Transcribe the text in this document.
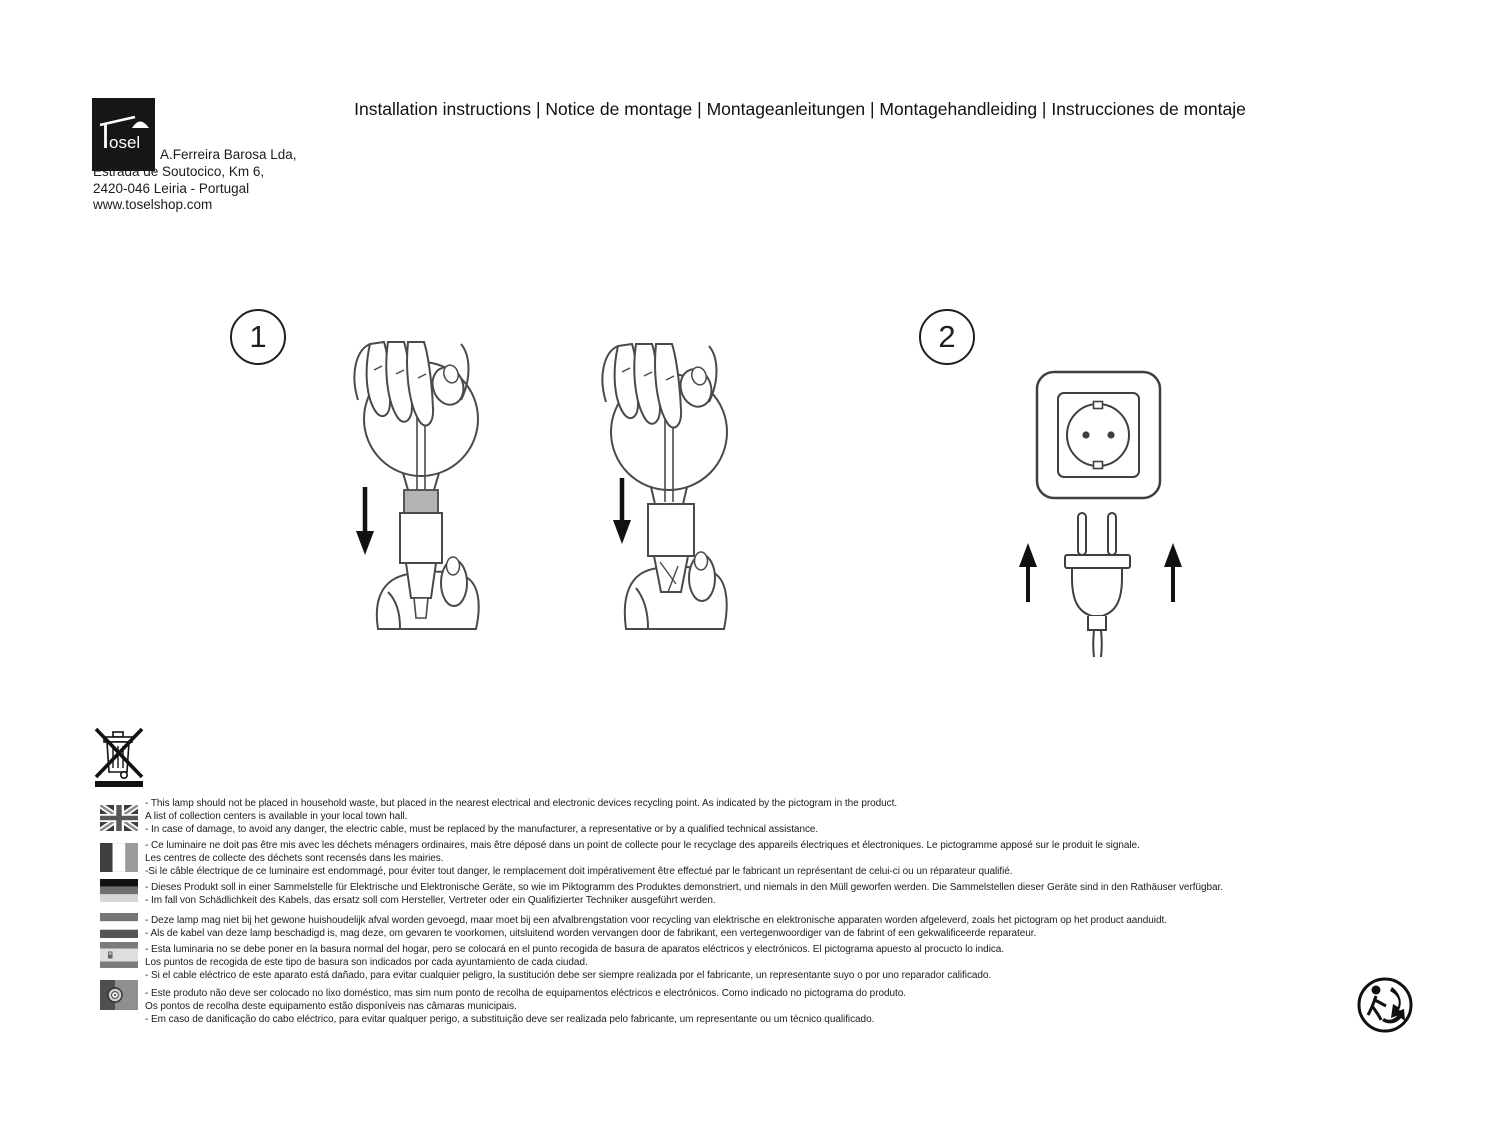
Installation instructions | Notice de montage | Montageanleitungen | Montagehandleiding | Instrucciones de montaje
osel
A.Ferreira Barosa Lda,
Estrada de Soutocico, Km 6,
2420-046 Leiria - Portugal
www.toselshop.com
1	2
- This lamp should not be placed in household waste, but placed in the nearest electrical and electronic devices recycling point. As indicated by the pictogram in the product.
A list of collection centers is available in your local town hall.
- In case of damage, to avoid any danger, the electric cable, must be replaced by the manufacturer, a representative or by a qualified technical assistance.
- Ce luminaire ne doit pas être mis avec les déchets ménagers ordinaires, mais être déposé dans un point de collecte pour le recyclage des appareils électriques et électroniques. Le pictogramme apposé sur le produit le signale.
Les centres de collecte des déchets sont recensés dans les mairies.
-Si le câble électrique de ce luminaire est endommagé, pour éviter tout danger, le remplacement doit impérativement être effectué par le fabricant un représentant de celui-ci ou un réparateur qualifié.
- Dieses Produkt soll in einer Sammelstelle für Elektrische und Elektronische Geräte, so wie im Piktogramm des Produktes demonstriert, und niemals in den Müll geworfen werden. Die Sammelstellen dieser Geräte sind in den Rathäuser verfügbar.
- Im fall von Schädlichkeit des Kabels, das ersatz soll com Hersteller, Vertreter oder ein Qualifizierter Techniker ausgeführt werden.
- Deze lamp mag niet bij het gewone huishoudelijk afval worden gevoegd, maar moet bij een afvalbrengstation voor recycling van elektrische en elektronische apparaten worden afgeleverd, zoals het pictogram op het product aanduidt.
- Als de kabel van deze lamp beschadigd is, mag deze, om gevaren te voorkomen, uitsluitend worden vervangen door de fabrikant, een vertegenwoordiger van de fabrint of een gekwalificeerde reparateur.
- Esta luminaria no se debe poner en la basura normal del hogar, pero se colocará en el punto recogida de basura de aparatos eléctricos y electrónicos. El pictograma apuesto al procucto lo indica.
Los puntos de recogida de este tipo de basura son indicados por cada ayuntamiento de cada ciudad.
- Si el cable eléctrico de este aparato está dañado, para evitar cualquier peligro, la sustitución debe ser siempre realizada por el fabricante, un representante suyo o por uno reparador calificado.
- Este produto não deve ser colocado no lixo doméstico, mas sim num ponto de recolha de equipamentos eléctricos e electrónicos. Como indicado no pictograma do produto.
Os pontos de recolha deste equipamento estão disponíveis nas câmaras municipais.
- Em caso de danificação do cabo eléctrico, para evitar qualquer perigo, a substituição deve ser realizada pelo fabricante, um representante ou um técnico qualificado.
